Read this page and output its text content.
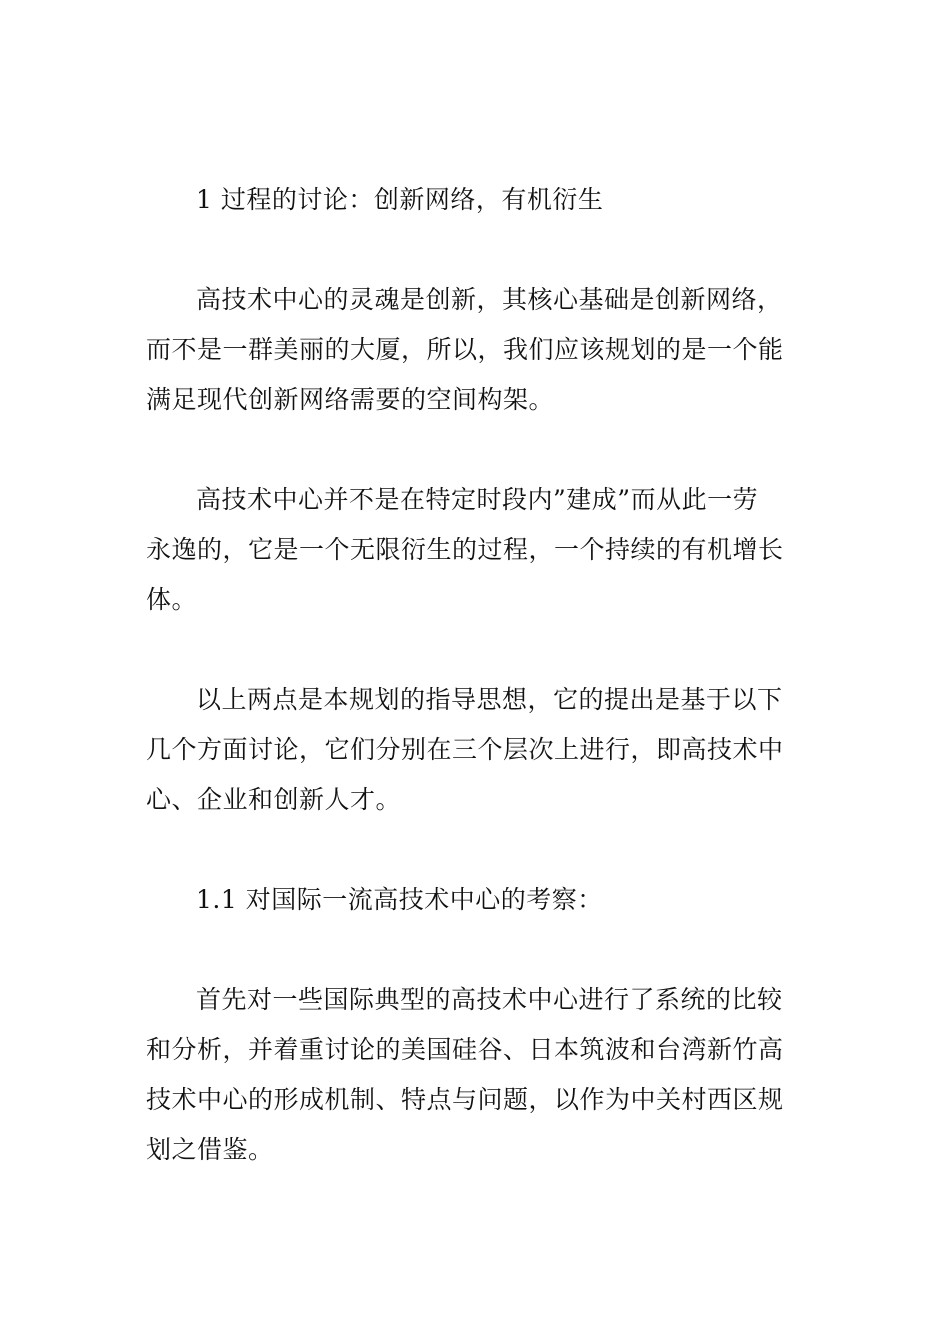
1 过程的讨论：创新网络，有机衍生
高技术中心的灵魂是创新，其核心基础是创新网络，
而不是一群美丽的大厦，所以，我们应该规划的是一个能
满足现代创新网络需要的空间构架。
高技术中心并不是在特定时段内”建成”而从此一劳
永逸的，它是一个无限衍生的过程，一个持续的有机增长
体。
以上两点是本规划的指导思想，它的提出是基于以下
几个方面讨论，它们分别在三个层次上进行，即高技术中
心、企业和创新人才。
1.1 对国际一流高技术中心的考察：
首先对一些国际典型的高技术中心进行了系统的比较
和分析，并着重讨论的美国硅谷、日本筑波和台湾新竹高
技术中心的形成机制、特点与问题，以作为中关村西区规
划之借鉴。
